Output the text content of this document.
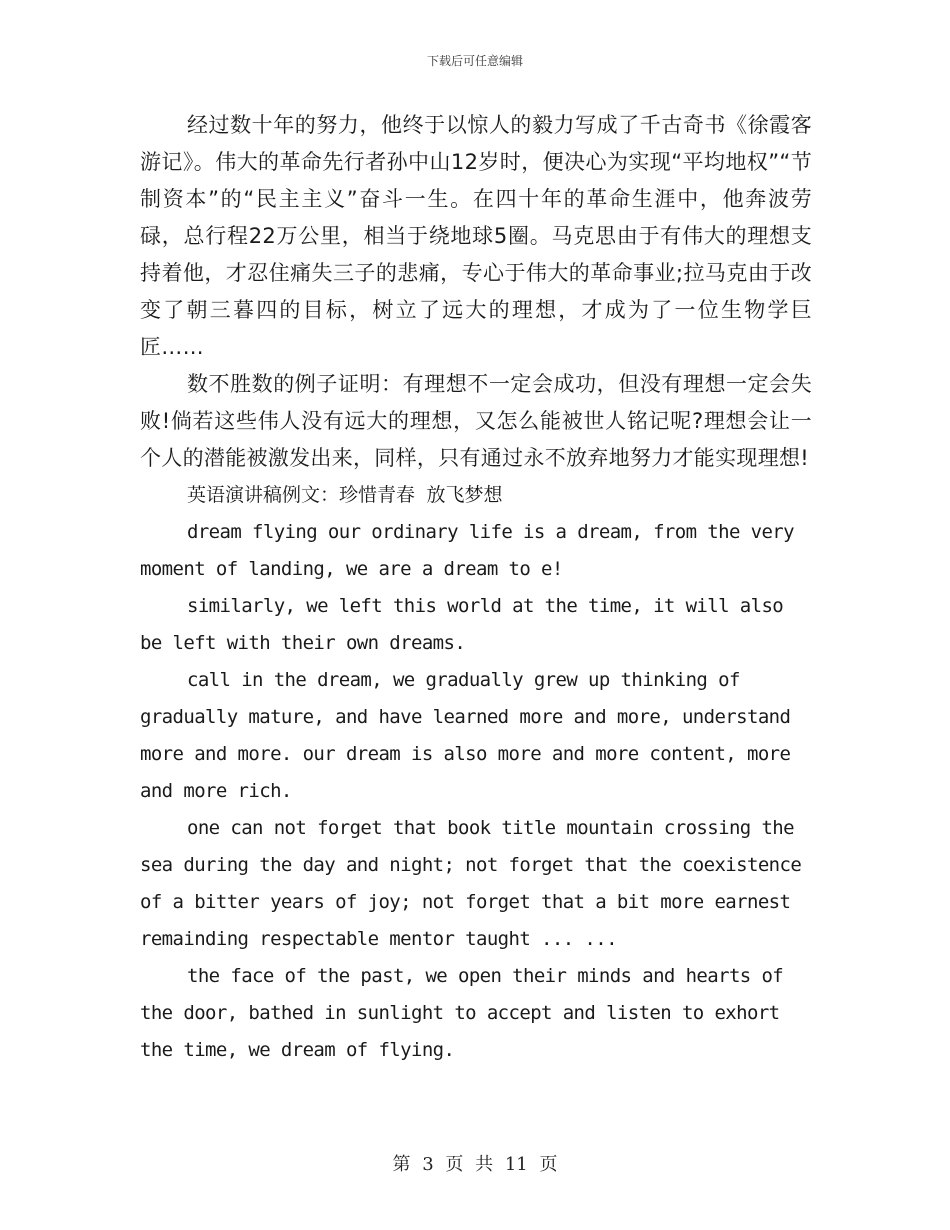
下载后可任意编辑

经过数十年的努力，他终于以惊人的毅力写成了千古奇书《徐霞客游记》。伟大的革命先行者孙中山12岁时，便决心为实现“平均地权”“节制资本”的“民主主义”奋斗一生。在四十年的革命生涯中，他奔波劳碌，总行程22万公里，相当于绕地球5圈。马克思由于有伟大的理想支持着他，才忍住痛失三子的悲痛，专心于伟大的革命事业;拉马克由于改变了朝三暮四的目标，树立了远大的理想，才成为了一位生物学巨匠……

数不胜数的例子证明：有理想不一定会成功，但没有理想一定会失败!倘若这些伟人没有远大的理想，又怎么能被世人铭记呢?理想会让一个人的潜能被激发出来，同样，只有通过永不放弃地努力才能实现理想!

英语演讲稿例文：珍惜青春 放飞梦想

dream flying our ordinary life is a dream, from the very moment of landing, we are a dream to e!

similarly, we left this world at the time, it will also be left with their own dreams.

call in the dream, we gradually grew up thinking of gradually mature, and have learned more and more, understand more and more. our dream is also more and more content, more and more rich.

one can not forget that book title mountain crossing the sea during the day and night; not forget that the coexistence of a bitter years of joy; not forget that a bit more earnest remainding respectable mentor taught ... ...

the face of the past, we open their minds and hearts of the door, bathed in sunlight to accept and listen to exhort the time, we dream of flying.

第 3 页 共 11 页
